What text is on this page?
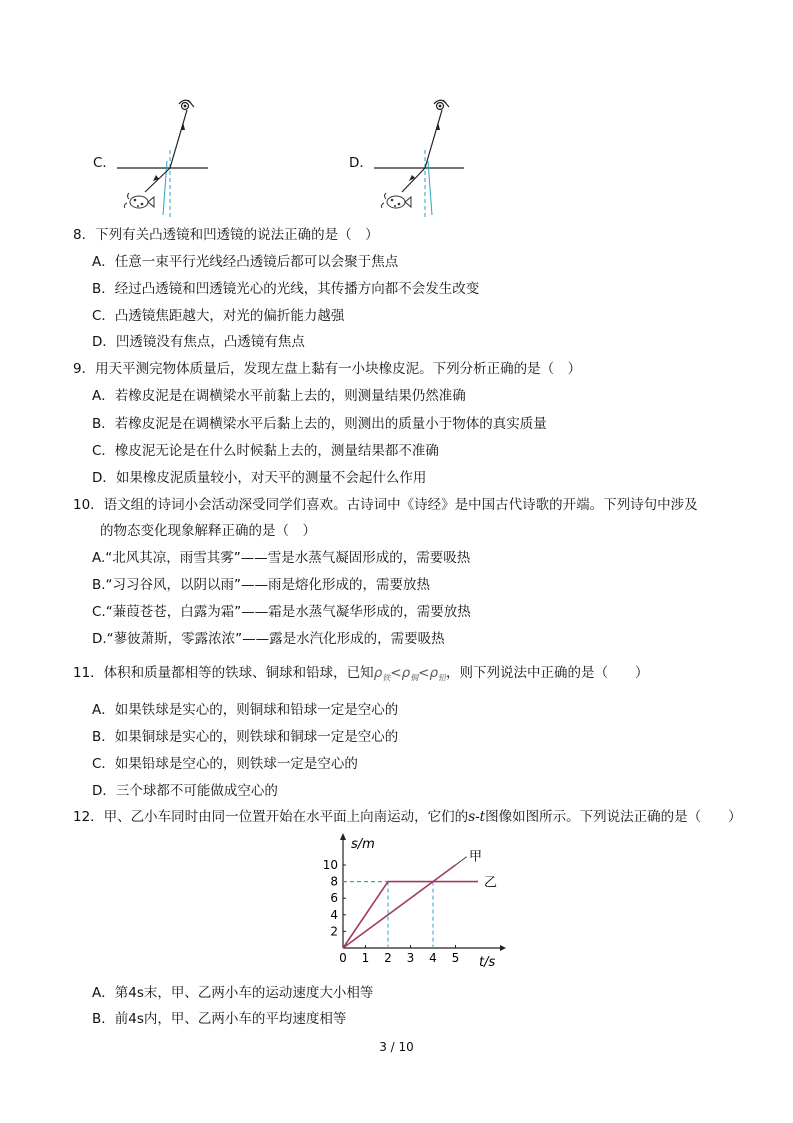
C．	D．
8．下列有关凸透镜和凹透镜的说法正确的是（　）
A．任意一束平行光线经凸透镜后都可以会聚于焦点
B．经过凸透镜和凹透镜光心的光线，其传播方向都不会发生改变
C．凸透镜焦距越大，对光的偏折能力越强
D．凹透镜没有焦点，凸透镜有焦点
9．用天平测完物体质量后，发现左盘上黏有一小块橡皮泥。下列分析正确的是（　）
A．若橡皮泥是在调横梁水平前黏上去的，则测量结果仍然准确
B．若橡皮泥是在调横梁水平后黏上去的，则测出的质量小于物体的真实质量
C．橡皮泥无论是在什么时候黏上去的，测量结果都不准确
D．如果橡皮泥质量较小，对天平的测量不会起什么作用
10．语文组的诗词小会活动深受同学们喜欢。古诗词中《诗经》是中国古代诗歌的开端。下列诗句中涉及
的物态变化现象解释正确的是（　）
A.“北风其凉，雨雪其雾”——雪是水蒸气凝固形成的，需要吸热
B.“习习谷风，以阴以雨”——雨是熔化形成的，需要放热
C.“蒹葭苍苍，白露为霜”——霜是水蒸气凝华形成的，需要放热
D.“蓼彼萧斯，零露浓浓”——露是水汽化形成的，需要吸热
11．体积和质量都相等的铁球、铜球和铅球，已知$\rho_铁<\rho_铜<\rho_铅$，则下列说法中正确的是（　　）
A．如果铁球是实心的，则铜球和铅球一定是空心的
B．如果铜球是实心的，则铁球和铜球一定是空心的
C．如果铅球是空心的，则铁球一定是空心的
D．三个球都不可能做成空心的
12．甲、乙小车同时由同一位置开始在水平面上向南运动，它们的s-t图像如图所示。下列说法正确的是（　　）
0 1 2 3 4 5
2
4
6
8
10
甲
乙
s/m
t/s
A．第4s末，甲、乙两小车的运动速度大小相等
B．前4s内，甲、乙两小车的平均速度相等
3 / 10
